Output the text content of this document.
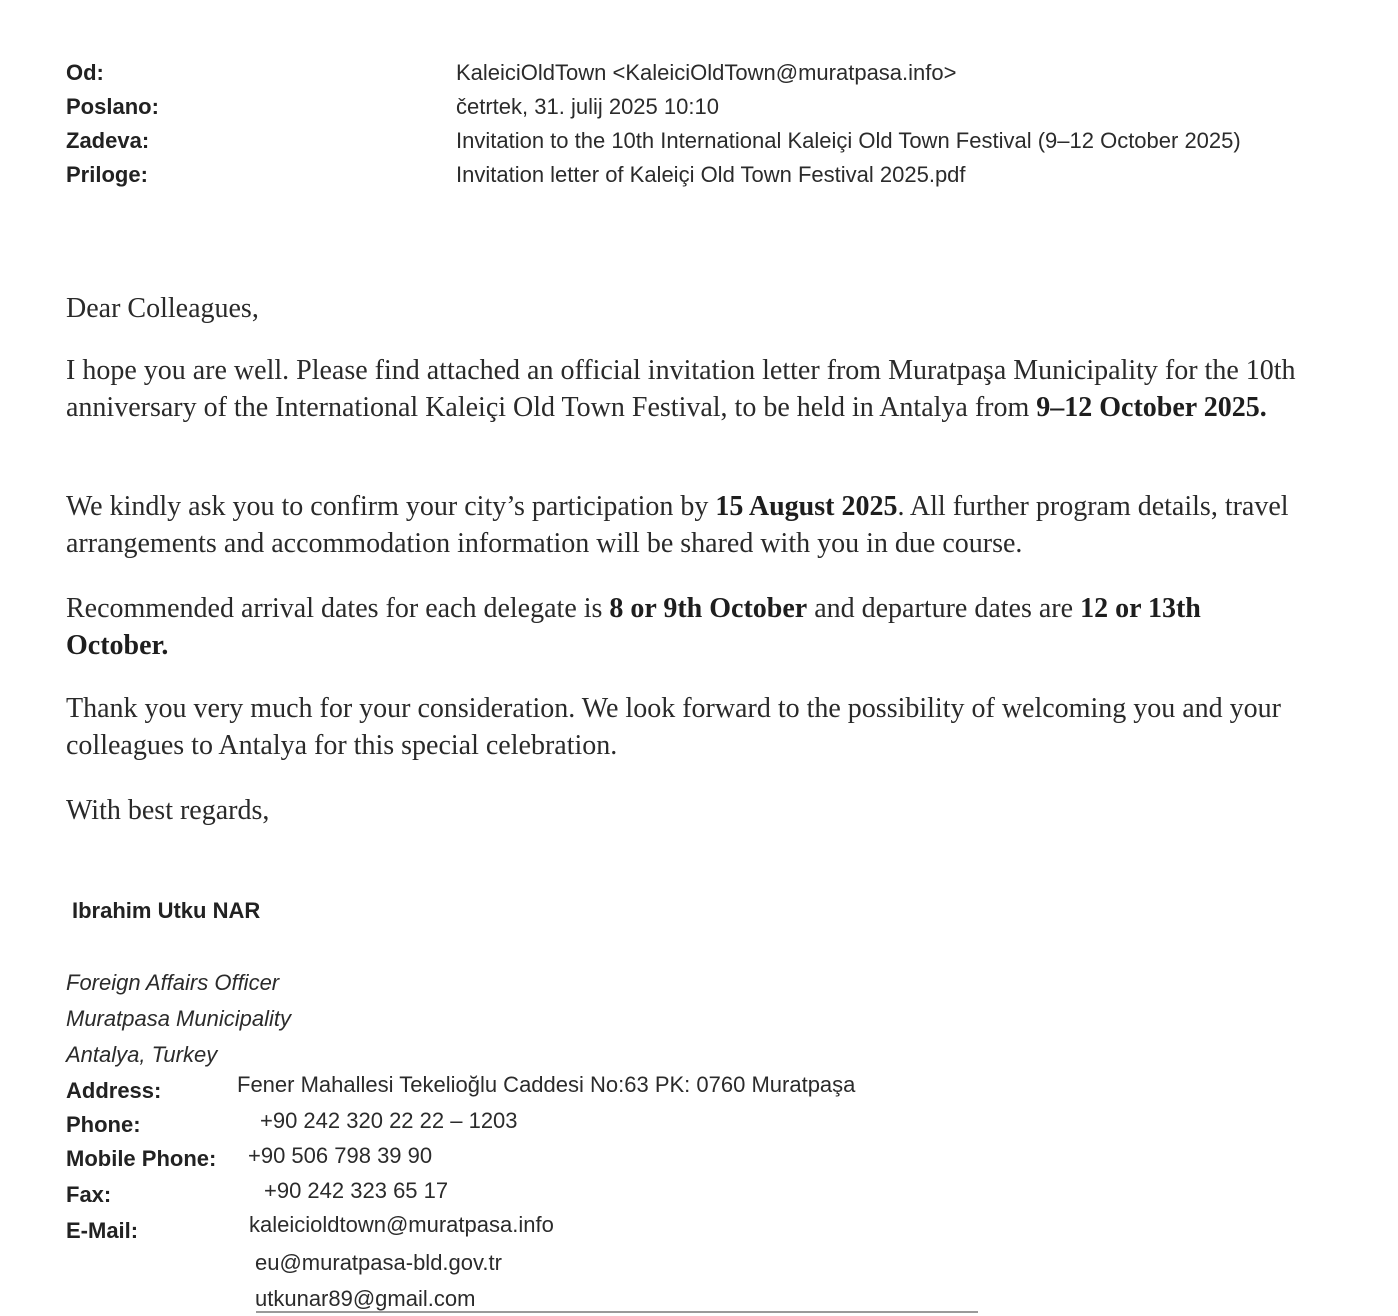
Od:	KaleiciOldTown <KaleiciOldTown@muratpasa.info>
Poslano:	četrtek, 31. julij 2025 10:10
Zadeva:	Invitation to the 10th International Kaleiçi Old Town Festival (9–12 October 2025)
Priloge:	Invitation letter of Kaleiçi Old Town Festival 2025.pdf
Dear Colleagues,
I hope you are well. Please find attached an official invitation letter from Muratpaşa Municipality for the 10th anniversary of the International Kaleiçi Old Town Festival, to be held in Antalya from 9–12 October 2025.
We kindly ask you to confirm your city’s participation by 15 August 2025. All further program details, travel arrangements and accommodation information will be shared with you in due course.
Recommended arrival dates for each delegate is 8 or 9th October and departure dates are 12 or 13th October.
Thank you very much for your consideration. We look forward to the possibility of welcoming you and your colleagues to Antalya for this special celebration.
With best regards,
Ibrahim Utku NAR
Foreign Affairs Officer
Muratpasa Municipality
Antalya, Turkey
Address:	Fener Mahallesi Tekelioğlu Caddesi No:63 PK: 0760 Muratpaşa
Phone:	+90 242 320 22 22 – 1203
Mobile Phone: +90 506 798 39 90
Fax:	+90 242 323 65 17
E-Mail:	kaleicioldtown@muratpasa.info
eu@muratpasa-bld.gov.tr
utkunar89@gmail.com
